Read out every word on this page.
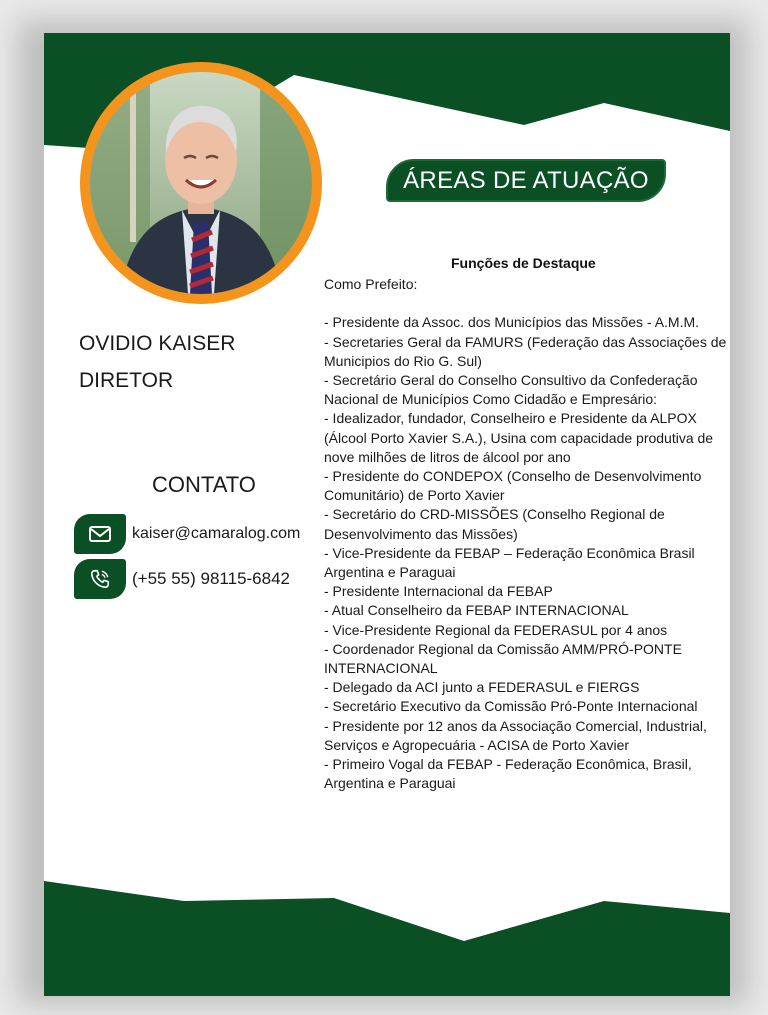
ÁREAS DE ATUAÇÃO
OVIDIO KAISER
DIRETOR
CONTATO
kaiser@camaralog.com
(+55 55) 98115-6842
Funções de Destaque
Como Prefeito:
- Presidente da Assoc. dos Municípios das Missões - A.M.M.
- Secretaries Geral da FAMURS (Federação das Associações de Municipios do Rio G. Sul)
- Secretário Geral do Conselho Consultivo da Confederação Nacional de Municípios Como Cidadão e Empresário:
- Idealizador, fundador, Conselheiro e Presidente da ALPOX (Álcool Porto Xavier S.A.), Usina com capacidade produtiva de nove milhões de litros de álcool por ano
- Presidente do CONDEPOX (Conselho de Desenvolvimento Comunitário) de Porto Xavier
- Secretário do CRD-MISSÕES (Conselho Regional de Desenvolvimento das Missões)
- Vice-Presidente da FEBAP – Federação Econômica Brasil Argentina e Paraguai
- Presidente Internacional da FEBAP
- Atual Conselheiro da FEBAP INTERNACIONAL
- Vice-Presidente Regional da FEDERASUL por 4 anos
- Coordenador Regional da Comissão AMM/PRÓ-PONTE INTERNACIONAL
- Delegado da ACI junto a FEDERASUL e FIERGS
- Secretário Executivo da Comissão Pró-Ponte Internacional
- Presidente por 12 anos da Associação Comercial, Industrial, Serviços e Agropecuária - ACISA de Porto Xavier
- Primeiro Vogal da FEBAP - Federação Econômica, Brasil, Argentina e Paraguai
